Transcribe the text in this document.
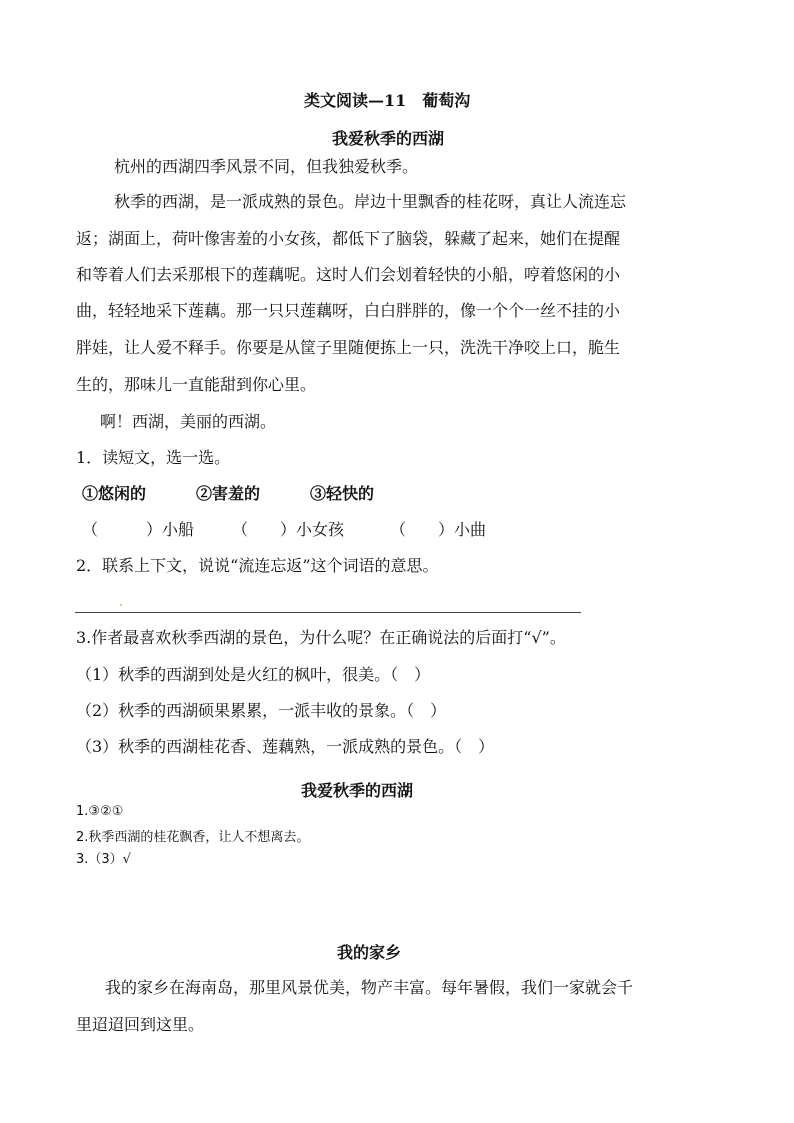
类文阅读—11　葡萄沟
我爱秋季的西湖
杭州的西湖四季风景不同，但我独爱秋季。
秋季的西湖，是一派成熟的景色。岸边十里飘香的桂花呀，真让人流连忘
返；湖面上，荷叶像害羞的小女孩，都低下了脑袋，躲藏了起来，她们在提醒
和等着人们去采那根下的莲藕呢。这时人们会划着轻快的小船，哼着悠闲的小
曲，轻轻地采下莲藕。那一只只莲藕呀，白白胖胖的，像一个个一丝不挂的小
胖娃，让人爱不释手。你要是从筐子里随便拣上一只，洗洗干净咬上口，脆生
生的，那味儿一直能甜到你心里。
啊！西湖，美丽的西湖。
1．读短文，选一选。
①悠闲的	②害羞的	③轻快的
（　　　）小船 （　　）小女孩	（　　）小曲
2．联系上下文，说说“流连忘返”这个词语的意思。
3.作者最喜欢秋季西湖的景色，为什么呢？在正确说法的后面打“√”。
（1）秋季的西湖到处是火红的枫叶，很美。（　）
（2）秋季的西湖硕果累累，一派丰收的景象。（　）
（3）秋季的西湖桂花香、莲藕熟，一派成熟的景色。（　）
我爱秋季的西湖
1.③②①
2.秋季西湖的桂花飘香，让人不想离去。
3.（3）√
我的家乡
我的家乡在海南岛，那里风景优美，物产丰富。每年暑假，我们一家就会千
里迢迢回到这里。
